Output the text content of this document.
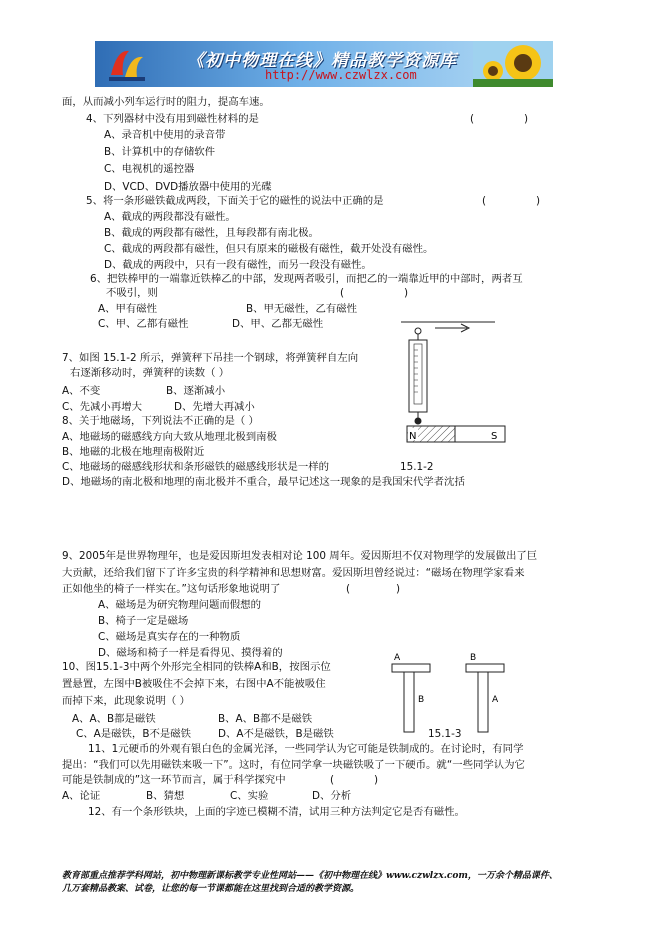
《初中物理在线》精品教学资源库
http://www.czwlzx.com
面，从而减小列车运行时的阻力，提高车速。
4、下列器材中没有用到磁性材料的是	(	)
A、录音机中使用的录音带
B、计算机中的存储软件
C、电视机的遥控器
D、VCD、DVD播放器中使用的光碟
5、将一条形磁铁截成两段，下面关于它的磁性的说法中正确的是	(	)
A、截成的两段都没有磁性。
B、截成的两段都有磁性，且每段都有南北极。
C、截成的两段都有磁性，但只有原来的磁极有磁性，截开处没有磁性。
D、截成的两段中，只有一段有磁性，而另一段没有磁性。
6、把铁棒甲的一端靠近铁棒乙的中部，发现两者吸引，而把乙的一端靠近甲的中部时，两者互
不吸引，则	(	)
A、甲有磁性	B、甲无磁性，乙有磁性
C、甲、乙都有磁性	D、甲、乙都无磁性
7、如图 15.1-2 所示，弹簧秤下吊挂一个钢球，将弹簧秤自左向
右逐渐移动时，弹簧秤的读数（ ）
A、不变	B、逐渐减小
C、先减小再增大	D、先增大再减小
8、关于地磁场，下列说法不正确的是（ ）
A、地磁场的磁感线方向大致从地理北极到南极
B、地磁的北极在地理南极附近
C、地磁场的磁感线形状和条形磁铁的磁感线形状是一样的
D、地磁场的南北极和地理的南北极并不重合，最早记述这一现象的是我国宋代学者沈括
N	S
15.1-2
9、2005年是世界物理年，也是爱因斯坦发表相对论 100 周年。爱因斯坦不仅对物理学的发展做出了巨
大贡献，还给我们留下了许多宝贵的科学精神和思想财富。爱因斯坦曾经说过：“磁场在物理学家看来
正如他坐的椅子一样实在。”这句话形象地说明了	(	)
A、磁场是为研究物理问题而假想的
B、椅子一定是磁场
C、磁场是真实存在的一种物质
D、磁场和椅子一样是看得见、摸得着的
10、图15.1-3中两个外形完全相同的铁棒A和B，按图示位
置悬置，左图中B被吸住不会掉下来，右图中A不能被吸住
而掉下来，此现象说明（ ）
A、A、B都是磁铁	B、A、B都不是磁铁
C、A是磁铁，B不是磁铁	D、A不是磁铁，B是磁铁
A
B
B
A
15.1-3
11、1元硬币的外观有银白色的金属光泽，一些同学认为它可能是铁制成的。在讨论时，有同学
提出：“我们可以先用磁铁来吸一下”。这时，有位同学拿一块磁铁吸了一下硬币。就“一些同学认为它
可能是铁制成的”这一环节而言，属于科学探究中	(	)
A、论证	B、猜想	C、实验	D、分析
12、有一个条形铁块，上面的字迹已模糊不清，试用三种方法判定它是否有磁性。
教育部重点推荐学科网站，初中物理新课标教学专业性网站——《初中物理在线》www.czwlzx.com，一万余个精品课件、
几万套精品教案、试卷，让您的每一节课都能在这里找到合适的教学资源。
